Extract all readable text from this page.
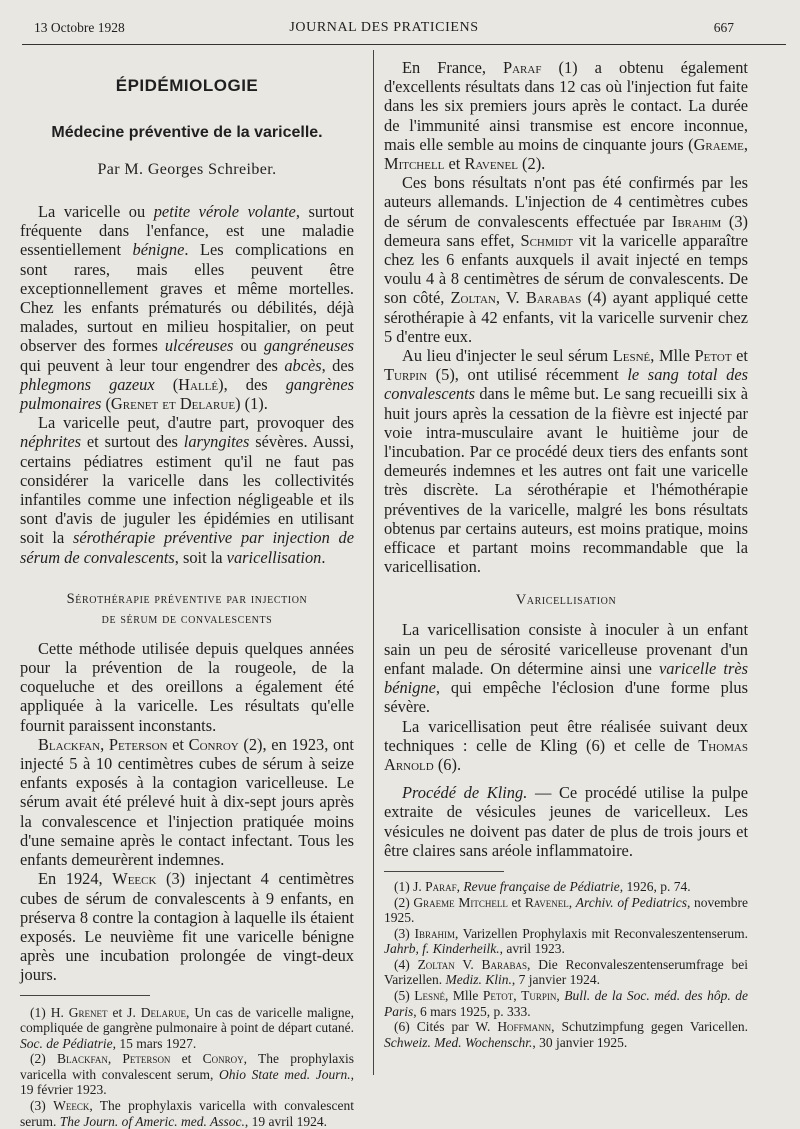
13 Octobre 1928	JOURNAL DES PRATICIENS	667
ÉPIDÉMIOLOGIE
Médecine préventive de la varicelle.
Par M. Georges Schreiber.

La varicelle ou petite vérole volante, surtout fréquente dans l'enfance, est une maladie essentiellement bénigne. Les complications en sont rares, mais elles peuvent être exceptionnellement graves et même mortelles. Chez les enfants prématurés ou débilités, déjà malades, surtout en milieu hospitalier, on peut observer des formes ulcéreuses ou gangréneuses qui peuvent à leur tour engendrer des abcès, des phlegmons gazeux (Hallé), des gangrènes pulmonaires (Grenet et Delarue) (1).

La varicelle peut, d'autre part, provoquer des néphrites et surtout des laryngites sévères. Aussi, certains pédiatres estiment qu'il ne faut pas considérer la varicelle dans les collectivités infantiles comme une infection négligeable et ils sont d'avis de juguler les épidémies en utilisant soit la sérothérapie préventive par injection de sérum de convalescents, soit la varicellisation.

Sérothérapie préventive par injection
de sérum de convalescents

Cette méthode utilisée depuis quelques années pour la prévention de la rougeole, de la coqueluche et des oreillons a également été appliquée à la varicelle. Les résultats qu'elle fournit paraissent inconstants.

Blackfan, Peterson et Conroy (2), en 1923, ont injecté 5 à 10 centimètres cubes de sérum à seize enfants exposés à la contagion varicelleuse. Le sérum avait été prélevé huit à dix-sept jours après la convalescence et l'injection pratiquée moins d'une semaine après le contact infectant. Tous les enfants demeurèrent indemnes.

En 1924, Weeck (3) injectant 4 centimètres cubes de sérum de convalescents à 9 enfants, en préserva 8 contre la contagion à laquelle ils étaient exposés. Le neuvième fit une varicelle bénigne après une incubation prolongée de vingt-deux jours.

(1) H. Grenet et J. Delarue, Un cas de varicelle maligne, compliquée de gangrène pulmonaire à point de départ cutané. Soc. de Pédiatrie, 15 mars 1927.

(2) Blackfan, Peterson et Conroy, The prophylaxis varicella with convalescent serum, Ohio State med. Journ., 19 février 1923.

(3) Weeck, The prophylaxis varicella with convalescent serum. The Journ. of Americ. med. Assoc., 19 avril 1924.

En France, Paraf (1) a obtenu également d'excellents résultats dans 12 cas où l'injection fut faite dans les six premiers jours après le contact. La durée de l'immunité ainsi transmise est encore inconnue, mais elle semble au moins de cinquante jours (Graeme, Mitchell et Ravenel (2).

Ces bons résultats n'ont pas été confirmés par les auteurs allemands. L'injection de 4 centimètres cubes de sérum de convalescents effectuée par Ibrahim (3) demeura sans effet, Schmidt vit la varicelle apparaître chez les 6 enfants auxquels il avait injecté en temps voulu 4 à 8 centimètres de sérum de convalescents. De son côté, Zoltan, V. Barabas (4) ayant appliqué cette sérothérapie à 42 enfants, vit la varicelle survenir chez 5 d'entre eux.

Au lieu d'injecter le seul sérum Lesné, Mlle Petot et Turpin (5), ont utilisé récemment le sang total des convalescents dans le même but. Le sang recueilli six à huit jours après la cessation de la fièvre est injecté par voie intra-musculaire avant le huitième jour de l'incubation. Par ce procédé deux tiers des enfants sont demeurés indemnes et les autres ont fait une varicelle très discrète. La sérothérapie et l'hémothérapie préventives de la varicelle, malgré les bons résultats obtenus par certains auteurs, est moins pratique, moins efficace et partant moins recommandable que la varicellisation.

Varicellisation

La varicellisation consiste à inoculer à un enfant sain un peu de sérosité varicelleuse provenant d'un enfant malade. On détermine ainsi une varicelle très bénigne, qui empêche l'éclosion d'une forme plus sévère.

La varicellisation peut être réalisée suivant deux techniques : celle de Kling (6) et celle de Thomas Arnold (6).

Procédé de Kling. — Ce procédé utilise la pulpe extraite de vésicules jeunes de varicelleux. Les vésicules ne doivent pas dater de plus de trois jours et être claires sans aréole inflammatoire.

(1) J. Paraf, Revue française de Pédiatrie, 1926, p. 74.

(2) Graeme Mitchell et Ravenel, Archiv. of Pediatrics, novembre 1925.

(3) Ibrahim, Varizellen Prophylaxis mit Reconvaleszentenserum. Jahrb, f. Kinderheilk., avril 1923.

(4) Zoltan V. Barabas, Die Reconvaleszentenserumfrage bei Varizellen. Mediz. Klin., 7 janvier 1924.

(5) Lesné, Mlle Petot, Turpin, Bull. de la Soc. méd. des hôp. de Paris, 6 mars 1925, p. 333.

(6) Cités par W. Hoffmann, Schutzimpfung gegen Varicellen. Schweiz. Med. Wochenschr., 30 janvier 1925.
